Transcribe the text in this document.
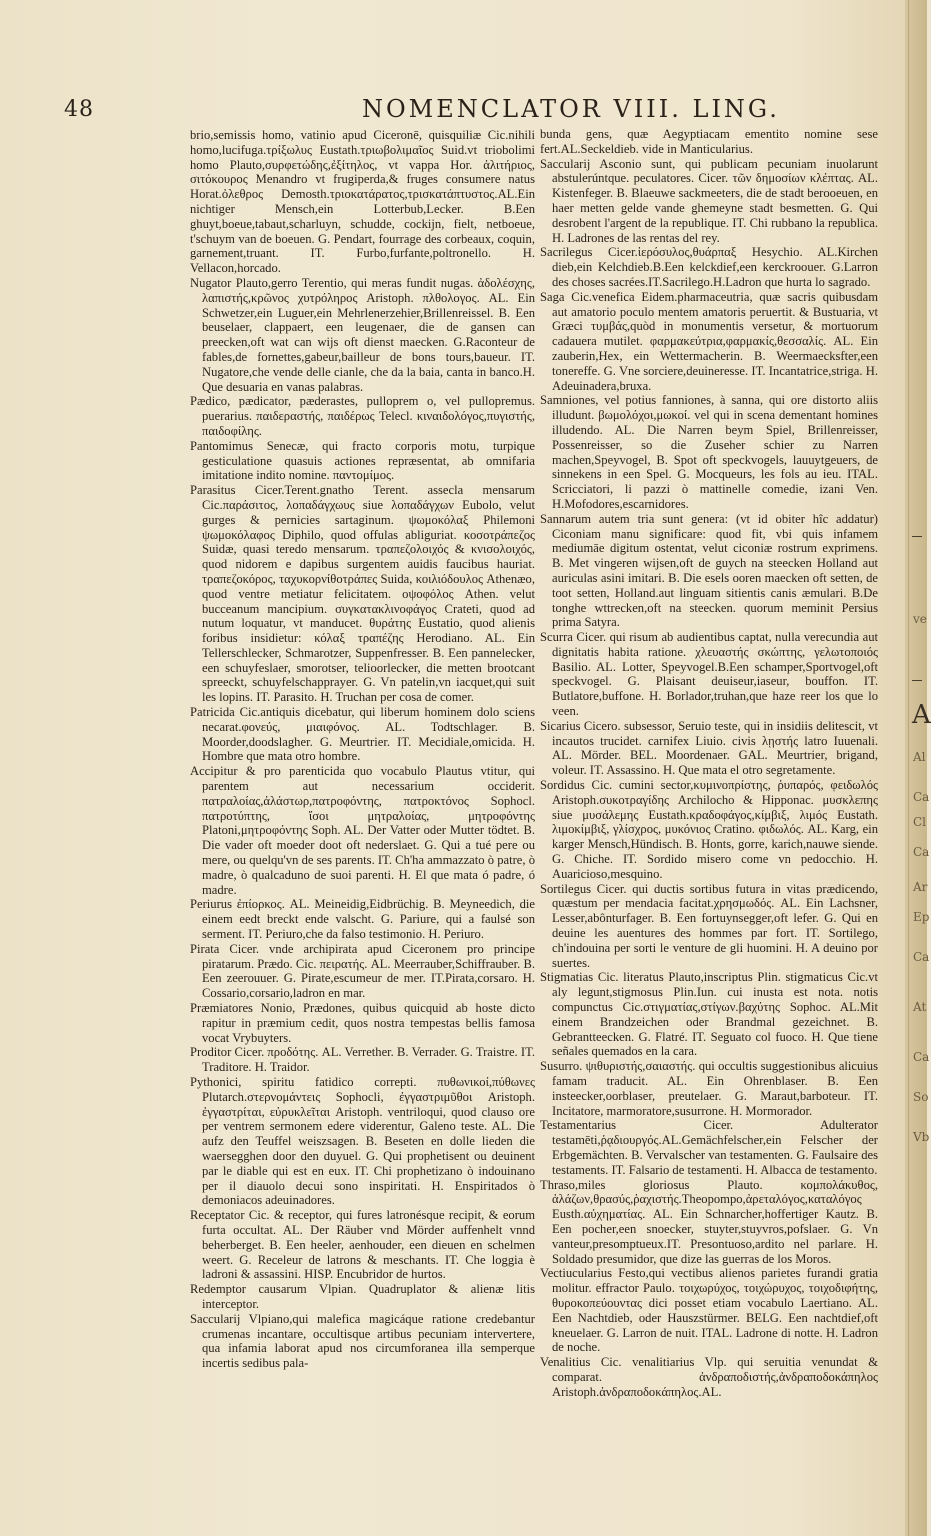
48	NOMENCLATOR VIII. LING.

brio,semissis homo, vatinio apud Ciceronē, quisquiliæ Cic.nihili homo,lucifuga.τρίξωλυς Eustath.τριωβολιμαῖος Suid.vt triobolimi homo Plauto,συρφετώδης,ἐξίτηλος, vt vappa Hor. ἀλιτήριος, σιτόκουρος Menandro vt frugiperda,& fruges consumere natus Horat.ὀλεθρος Demosth.τριοκατάρατος,τρισκατάπτυστος.AL.Ein nichtiger Mensch,ein Lotterbub,Lecker. B.Een ghuyt,boeue,tabaut,scharluyn, schudde, cockijn, fielt, netboeue, t'schuym van de boeuen. G. Pendart, fourrage des corbeaux, coquin, garnement,truant. IT. Furbo,furfante,poltronello. H. Vellacon,horcado.

Nugator Plauto,gerro Terentio, qui meras fundit nugas. ἀδολέσχης, λαπιστής,κρῶνος χυτρόληρος Aristoph. πλθολογος. AL. Ein Schwetzer,ein Luguer,ein Mehrlenerzehier,Brillenreissel. B. Een beuselaer, clappaert, een leugenaer, die de gansen can preecken,oft wat can wijs oft dienst maecken. G.Raconteur de fables,de fornettes,gabeur,bailleur de bons tours,baueur. IT. Nugatore,che vende delle cianle, che da la baia, canta in banco.H. Que desuaria en vanas palabras.

Pædico, pædicator, pæderastes, pulloprem o, vel pullopremus. puerarius. παιδεραστής, παιδέρως Telecl. κιναιδολόγος,πυγιστής, παιδοφίλης.

Pantomimus Senecæ, qui fracto corporis motu, turpique gesticulatione quasuis actiones repræsentat, ab omnifaria imitatione indito nomine. παντομίμος.

Parasitus Cicer.Terent.gnatho Terent. assecla mensarum Cic.παράσιτος, λοπαδάγχωυς siue λοπαδάγχων Eubolo, velut gurges & pernicies sartaginum. ψωμοκόλαξ Philemoni ψωμοκόλαφος Diphilo, quod offulas abliguriat. κοσοτράπεζος Suidæ, quasi teredo mensarum. τραπεζολοιχός & κνισολοιχός, quod nidorem e dapibus surgentem auidis faucibus hauriat. τραπεζοκόρος, ταχυκορνίθοτράπες Suida, κοιλιόδουλος Athenæo, quod ventre metiatur felicitatem. οψοφόλος Athen. velut bucceanum mancipium. συγκατακλινοφάγος Crateti, quod ad nutum loquatur, vt manducet. θυράτης Eustatio, quod alienis foribus insidietur: κόλαξ τραπέζης Herodiano. AL. Ein Tellerschlecker, Schmarotzer, Suppenfresser. B. Een pannelecker, een schuyfeslaer, smorotser, telioorlecker, die metten brootcant spreeckt, schuyfelschapprayer. G. Vn patelin,vn iacquet,qui suit les lopins. IT. Parasito. H. Truchan per cosa de comer.

Patricida Cic.antiquis dicebatur, qui liberum hominem dolo sciens necarat.φονεύς, μιαιφόνος. AL. Todtschlager. B. Moorder,doodslagher. G. Meurtrier. IT. Mecidiale,omicida. H. Hombre que mata otro hombre.

Accipitur & pro parenticida quo vocabulo Plautus vtitur, qui parentem aut necessarium occiderit. πατραλοίας,ἀλάστωρ,πατροφόντης, πατροκτόνος Sophocl. πατροτύπτης, ἴσοι μητραλοίας, μητροφόντης Platoni,μητροφόντης Soph. AL. Der Vatter oder Mutter tödtet. B. Die vader oft moeder doot oft nederslaet. G. Qui a tué pere ou mere, ou quelqu'vn de ses parents. IT. Ch'ha ammazzato ò patre, ò madre, ò qualcaduno de suoi parenti. H. El que mata ó padre, ó madre.

Periurus ἐπίορκος. AL. Meineidig,Eidbrüchig. B. Meyneedich, die einem eedt breckt ende valscht. G. Pariure, qui a faulsé son serment. IT. Periuro,che da falso testimonio. H. Periuro.

Pirata Cicer. vnde archipirata apud Ciceronem pro principe piratarum. Prædo. Cic. πειρατής. AL. Meerrauber,Schiffrauber. B. Een zeerouuer. G. Pirate,escumeur de mer. IT.Pirata,corsaro. H. Cossario,corsario,ladron en mar.

Præmiatores Nonio, Prædones, quibus quicquid ab hoste dicto rapitur in præmium cedit, quos nostra tempestas bellis famosa vocat Vrybuyters.

Proditor Cicer. προδότης. AL. Verrether. B. Verrader. G. Traistre. IT. Traditore. H. Traidor.

Pythonici, spiritu fatidico correpti. πυθωνικοί,πύθωνες Plutarch.στερνομάντεις Sophocli, ἐγγαστριμῦθοι Aristoph. ἐγγαστρίται, εὐρυκλεῖται Aristoph. ventriloqui, quod clauso ore per ventrem sermonem edere viderentur, Galeno teste. AL. Die aufz den Teuffel weiszsagen. B. Beseten en dolle lieden die waersegghen door den duyuel. G. Qui prophetisent ou deuinent par le diable qui est en eux. IT. Chi prophetizano ò indouinano per il diauolo decui sono inspiritati. H. Enspiritados ò demoniacos adeuinadores.

Receptator Cic. & receptor, qui fures latronésque recipit, & eorum furta occultat. AL. Der Räuber vnd Mörder auffenhelt vnnd beherberget. B. Een heeler, aenhouder, een dieuen en schelmen weert. G. Receleur de latrons & meschants. IT. Che loggia è ladroni & assassini. HISP. Encubridor de hurtos.

Redemptor causarum Vlpian. Quadruplator & alienæ litis interceptor.

Saccularij Vlpiano,qui malefica magicáque ratione credebantur crumenas incantare, occultisque artibus pecuniam intervertere, qua infamia laborat apud nos circumforanea illa semperque incertis sedibus pala-

bunda gens, quæ Aegyptiacam ementito nomine sese fert.AL.Seckeldieb. vide in Manticularius.

Saccularij Asconio sunt, qui publicam pecuniam inuolarunt abstulerúntque. peculatores. Cicer. τῶν δημοσίων κλέπτας. AL. Kistenfeger. B. Blaeuwe sackmeeters, die de stadt berooeuen, en haer metten gelde vande ghemeyne stadt besmetten. G. Qui desrobent l'argent de la republique. IT. Chi rubbano la republica. H. Ladrones de las rentas del rey.

Sacrilegus Cicer.ἱερόσυλος,θυάρπαξ Hesychio. AL.Kirchen dieb,ein Kelchdieb.B.Een kelckdief,een kerckroouer. G.Larron des choses sacrées.IT.Sacrilego.H.Ladron que hurta lo sagrado.

Saga Cic.venefica Eidem.pharmaceutria, quæ sacris quibusdam aut amatorio poculo mentem amatoris peruertit. & Bustuaria, vt Græci τυμβάς,quòd in monumentis versetur, & mortuorum cadauera mutilet. φαρμακεύτρια,φαρμακίς,θεσσαλίς. AL. Ein zauberin,Hex, ein Wettermacherin. B. Weermaecksfter,een tonereffe. G. Vne sorciere,deuineresse. IT. Incantatrice,striga. H. Adeuinadera,bruxa.

Samniones, vel potius fanniones, à sanna, qui ore distorto aliis illudunt. βωμολόχοι,μωκοί. vel qui in scena dementant homines illudendo. AL. Die Narren beym Spiel, Brillenreisser, Possenreisser, so die Zuseher schier zu Narren machen,Speyvogel, B. Spot oft speckvogels, lauuytgeuers, de sinnekens in een Spel. G. Mocqueurs, les fols au ieu. ITAL. Scricciatori, li pazzi ò mattinelle comedie, izani Ven. H.Mofodores,escarnidores.

Sannarum autem tria sunt genera: (vt id obiter hîc addatur) Ciconiam manu significare: quod fit, vbi quis infamem mediumāe digitum ostentat, velut ciconiæ rostrum exprimens. B. Met vingeren wijsen,oft de guych na steecken Holland aut auriculas asini imitari. B. Die esels ooren maecken oft setten, de toot setten, Holland.aut linguam sitientis canis æmulari. B.De tonghe wttrecken,oft na steecken. quorum meminit Persius prima Satyra.

Scurra Cicer. qui risum ab audientibus captat, nulla verecundia aut dignitatis habita ratione. χλευαστής σκώπτης, γελωτοποιός Basilio. AL. Lotter, Speyvogel.B.Een schamper,Sportvogel,oft speckvogel. G. Plaisant deuiseur,iaseur, bouffon. IT. Butlatore,buffone. H. Borlador,truhan,que haze reer los que lo veen.

Sicarius Cicero. subsessor, Seruio teste, qui in insidiis delitescit, vt incautos trucidet. carnifex Liuio. civis λῃστής latro Iuuenali. AL. Mörder. BEL. Moordenaer. GAL. Meurtrier, brigand, voleur. IT. Assassino. H. Que mata el otro segretamente.

Sordidus Cic. cumini sector,κυμινοπρίστης, ῥυπαρός, φειδωλός Aristoph.συκοτραγίδης Archilocho & Hipponac. μυσκλεπης siue μυσάλεμης Eustath.κραδοφάγος,κίμβιξ, λιμός Eustath. λιμοκίμβιξ, γλίσχρος, μυκόνιος Cratino. φιδωλός. AL. Karg, ein karger Mensch,Hündisch. B. Honts, gorre, karich,nauwe siende. G. Chiche. IT. Sordido misero come vn pedocchio. H. Auaricioso,mesquino.

Sortilegus Cicer. qui ductis sortibus futura in vitas prædicendo, quæstum per mendacia facitat.χρησμωδός. AL. Ein Lachsner, Lesser,abônturfager. B. Een fortuynsegger,oft lefer. G. Qui en deuine les auentures des hommes par fort. IT. Sortilego, ch'indouina per sorti le venture de gli huomini. H. A deuino por suertes.

Stigmatias Cic. literatus Plauto,inscriptus Plin. stigmaticus Cic.vt aly legunt,stigmosus Plin.Iun. cui inusta est nota. notis compunctus Cic.στιγματίας,στίγων.βαχύτης Sophoc. AL.Mit einem Brandzeichen oder Brandmal gezeichnet. B. Gebrantteecken. G. Flatré. IT. Seguato col fuoco. H. Que tiene señales quemados en la cara.

Susurro. ψιθυριστής,σαιαστής. qui occultis suggestionibus alicuius famam traducit. AL. Ein Ohrenblaser. B. Een insteecker,oorblaser, preutelaer. G. Maraut,barboteur. IT. Incitatore, marmoratore,susurrone. H. Mormorador.

Testamentarius Cicer. Adulterator testamēti,ῥᾳδιουργός.AL.Gemächfelscher,ein Felscher der Erbgemächten. B. Vervalscher van testamenten. G. Faulsaire des testaments. IT. Falsario de testamenti. H. Albacca de testamento.

Thraso,miles gloriosus Plauto. κομπολάκυθος, ἀλάζων,θρασύς,ῥαχιστής.Theopompo,ἀρεταλόγος,καταλόγος Eusth.αὐχηματίας. AL. Ein Schnarcher,hoffertiger Kautz. B. Een pocher,een snoecker, stuyter,stuyvros,pofslaer. G. Vn vanteur,presomptueux.IT. Presontuoso,ardito nel parlare. H. Soldado presumidor, que dize las guerras de los Moros.

Vectiucularius Festo,qui vectibus alienos parietes furandi gratia molitur. effractor Paulo. τοιχωρύχος, τοιχώρυχος, τοιχοδιφήτης, θυροκοπεύουντας dici posset etiam vocabulo Laertiano. AL. Een Nachtdieb, oder Hauszstürmer. BELG. Een nachtdief,oft kneuelaer. G. Larron de nuit. ITAL. Ladrone di notte. H. Ladron de noche.

Venalitius Cic. venalitiarius Vlp. qui seruitia venundat & comparat. ἀνδραποδιστής,ἀνδραποδοκάπηλος Aristoph.ἀνδραποδοκάπηλος.AL.

ve
A
Al
Ca
Cl
Ca
Ar
Ep
Ca
At
Ca
So
Vb
